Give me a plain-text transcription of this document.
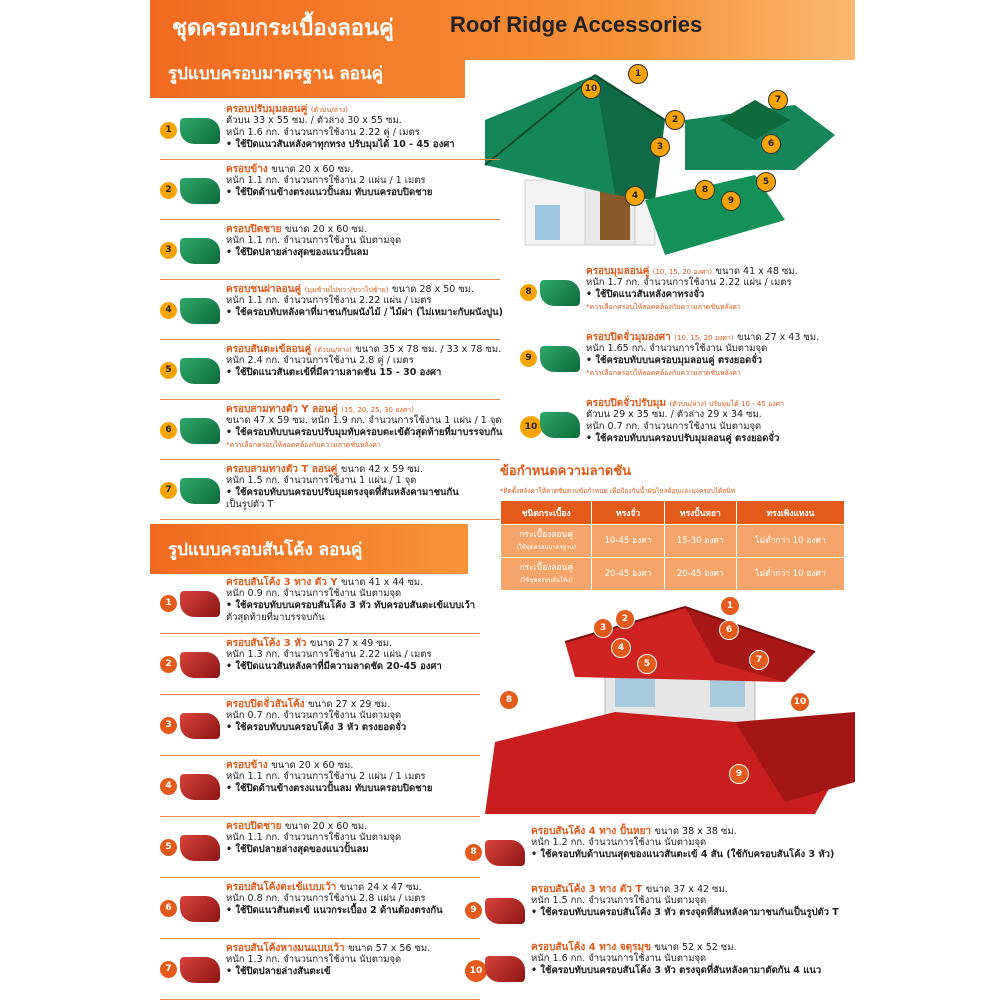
ชุดครอบกระเบื้องลอนคู่	Roof Ridge Accessories
รูปแบบครอบมาตรฐาน ลอนคู่	1
2
3
4
5
6
7
8
9
10
1
ครอบปรับมุมลอนคู่ (ตัวบน/ล่าง)
ตัวบน 33 x 55 ซม. / ตัวล่าง 30 x 55 ซม.
หนัก 1.6 กก. จำนวนการใช้งาน 2.22 คู่ / เมตร
• ใช้ปิดแนวสันหลังคาทุกทรง ปรับมุมได้ 10 - 45 องศา
2
ครอบข้าง ขนาด 20 x 60 ซม.
หนัก 1.1 กก. จำนวนการใช้งาน 2 แผ่น / 1 เมตร
• ใช้ปิดด้านข้างตรงแนวปั้นลม ทับบนครอบปิดชาย
3
ครอบปิดชาย ขนาด 20 x 60 ซม.
หนัก 1.1 กก. จำนวนการใช้งาน นับตามจุด
• ใช้ปิดปลายล่างสุดของแนวปั้นลม
4
ครอบชนฝาลอนคู่ (มุมซ้ายไปขวา/ขวาไปซ้าย) ขนาด 28 x 50 ซม.
หนัก 1.1 กก. จำนวนการใช้งาน 2.22 แผ่น / เมตร
• ใช้ครอบทับหลังคาที่มาชนกับผนังไม้ / ไม้ฝา (ไม่เหมาะกับผนังปูน)
5
ครอบสันตะเข้ลอนคู่ (ตัวบน/ล่าง) ขนาด 35 x 78 ซม. / 33 x 78 ซม.
หนัก 2.4 กก. จำนวนการใช้งาน 2.8 คู่ / เมตร
• ใช้ปิดแนวสันตะเข้ที่มีความลาดชัน 15 - 30 องศา
6
ครอบสามทางตัว Y ลอนคู่ (15, 20, 25, 30 องศา)
ขนาด 47 x 59 ซม. หนัก 1.9 กก. จำนวนการใช้งาน 1 แผ่น / 1 จุด
• ใช้ครอบทับบนครอบปรับมุมทับครอบตะเข้ตัวสุดท้ายที่มาบรรจบกัน
*ควรเลือกครอบให้สอดคล้องกับความลาดชันหลังคา
7
ครอบสามทางตัว T ลอนคู่ ขนาด 42 x 59 ซม.
หนัก 1.5 กก. จำนวนการใช้งาน 1 แผ่น / 1 จุด
• ใช้ครอบทับบนครอบปรับมุมตรงจุดที่สันหลังคามาชนกัน
เป็นรูปตัว T
8
ครอบมุมลอนคู่ (10, 15, 20 องศา) ขนาด 41 x 48 ซม.
หนัก 1.7 กก. จำนวนการใช้งาน 2.22 แผ่น / เมตร
• ใช้ปิดแนวสันหลังคาทรงจั่ว
*ควรเลือกครอบให้สอดคล้องกับความลาดชันหลังคา
9
ครอบปิดจั่วมุมองศา (10, 15, 20 องศา) ขนาด 27 x 43 ซม.
หนัก 1.65 กก. จำนวนการใช้งาน นับตามจุด
• ใช้ครอบทับบนครอบมุมลอนคู่ ตรงยอดจั่ว
*ควรเลือกครอบให้สอดคล้องกับความลาดชันหลังคา
10
ครอบปิดจั่วปรับมุม (ตัวบน/ล่าง) ปรับมุมได้ 10 - 45 องศา
ตัวบน 29 x 35 ซม. / ตัวล่าง 29 x 34 ซม.
หนัก 0.7 กก. จำนวนการใช้งาน นับตามจุด
• ใช้ครอบทับบนครอบปรับมุมลอนคู่ ตรงยอดจั่ว
รูปแบบครอบสันโค้ง ลอนคู่
ข้อกำหนดความลาดชัน
*ติดตั้งหลังคาให้ลาดชันตามข้อกำหนด เพื่อป้องกันน้ำฝนไหลย้อนและมุงครอบได้สนิท
ชนิดกระเบื้อง	ทรงจั่ว	ทรงปั้นหยา	ทรงเพิงแหงน
กระเบื้องลอนคู่
(ใช้ชุดครอบมาตรฐาน)	10-45 องศา	15-30 องศา	ไม่ต่ำกว่า 10 องศา
กระเบื้องลอนคู่
(ใช้ชุดครอบสันโค้ง)	20-45 องศา	20-45 องศา	ไม่ต่ำกว่า 10 องศา
1
2
3
4
5
6
7
8
9
10
1
ครอบสันโค้ง 3 ทาง ตัว Y ขนาด 41 x 44 ซม.
หนัก 0.9 กก. จำนวนการใช้งาน นับตามจุด
• ใช้ครอบทับบนครอบสันโค้ง 3 หัว ทับครอบสันตะเข้แบบเว้า
ตัวสุดท้ายที่มาบรรจบกัน
2
ครอบสันโค้ง 3 หัว ขนาด 27 x 49 ซม.
หนัก 1.3 กก. จำนวนการใช้งาน 2.22 แผ่น / เมตร
• ใช้ปิดแนวสันหลังคาที่มีความลาดชัด 20-45 องศา
3
ครอบปิดจั่วสันโค้ง ขนาด 27 x 29 ซม.
หนัก 0.7 กก. จำนวนการใช้งาน นับตามจุด
• ใช้ครอบทับบนครอบโค้ง 3 หัว ตรงยอดจั่ว
4
ครอบข้าง ขนาด 20 x 60 ซม.
หนัก 1.1 กก. จำนวนการใช้งาน 2 แผ่น / 1 เมตร
• ใช้ปิดด้านข้างตรงแนวปั้นลม ทับบนครอบปิดชาย
5
ครอบปิดชาย ขนาด 20 x 60 ซม.
หนัก 1.1 กก. จำนวนการใช้งาน นับตามจุด
• ใช้ปิดปลายล่างสุดของแนวปั้นลม
6
ครอบสันโค้งตะเข้แบบเว้า ขนาด 24 x 47 ซม.
หนัก 0.8 กก. จำนวนการใช้งาน 2.8 แผ่น / เมตร
• ใช้ปิดแนวสันตะเข้ แนวกระเบื้อง 2 ด้านต้องตรงกัน
7
ครอบสันโค้งหางมนแบบเว้า ขนาด 57 x 56 ซม.
หนัก 1.3 กก. จำนวนการใช้งาน นับตามจุด
• ใช้ปิดปลายล่างสันตะเข้
8
ครอบสันโค้ง 4 ทาง ปั้นหยา ขนาด 38 x 38 ซม.
หนัก 1.2 กก. จำนวนการใช้งาน นับตามจุด
• ใช้ครอบทับด้านบนสุดของแนวสันตะเข้ 4 สัน (ใช้กับครอบสันโค้ง 3 หัว)
9
ครอบสันโค้ง 3 ทาง ตัว T ขนาด 37 x 42 ซม.
หนัก 1.5 กก. จำนวนการใช้งาน นับตามจุด
• ใช้ครอบทับบนครอบสันโค้ง 3 หัว ตรงจุดที่สันหลังคามาชนกันเป็นรูปตัว T
10
ครอบสันโค้ง 4 ทาง จตุรมุข ขนาด 52 x 52 ซม.
หนัก 1.6 กก. จำนวนการใช้งาน นับตามจุด
• ใช้ครอบทับบนครอบสันโค้ง 3 หัว ตรงจุดที่สันหลังคามาตัดกัน 4 แนว
